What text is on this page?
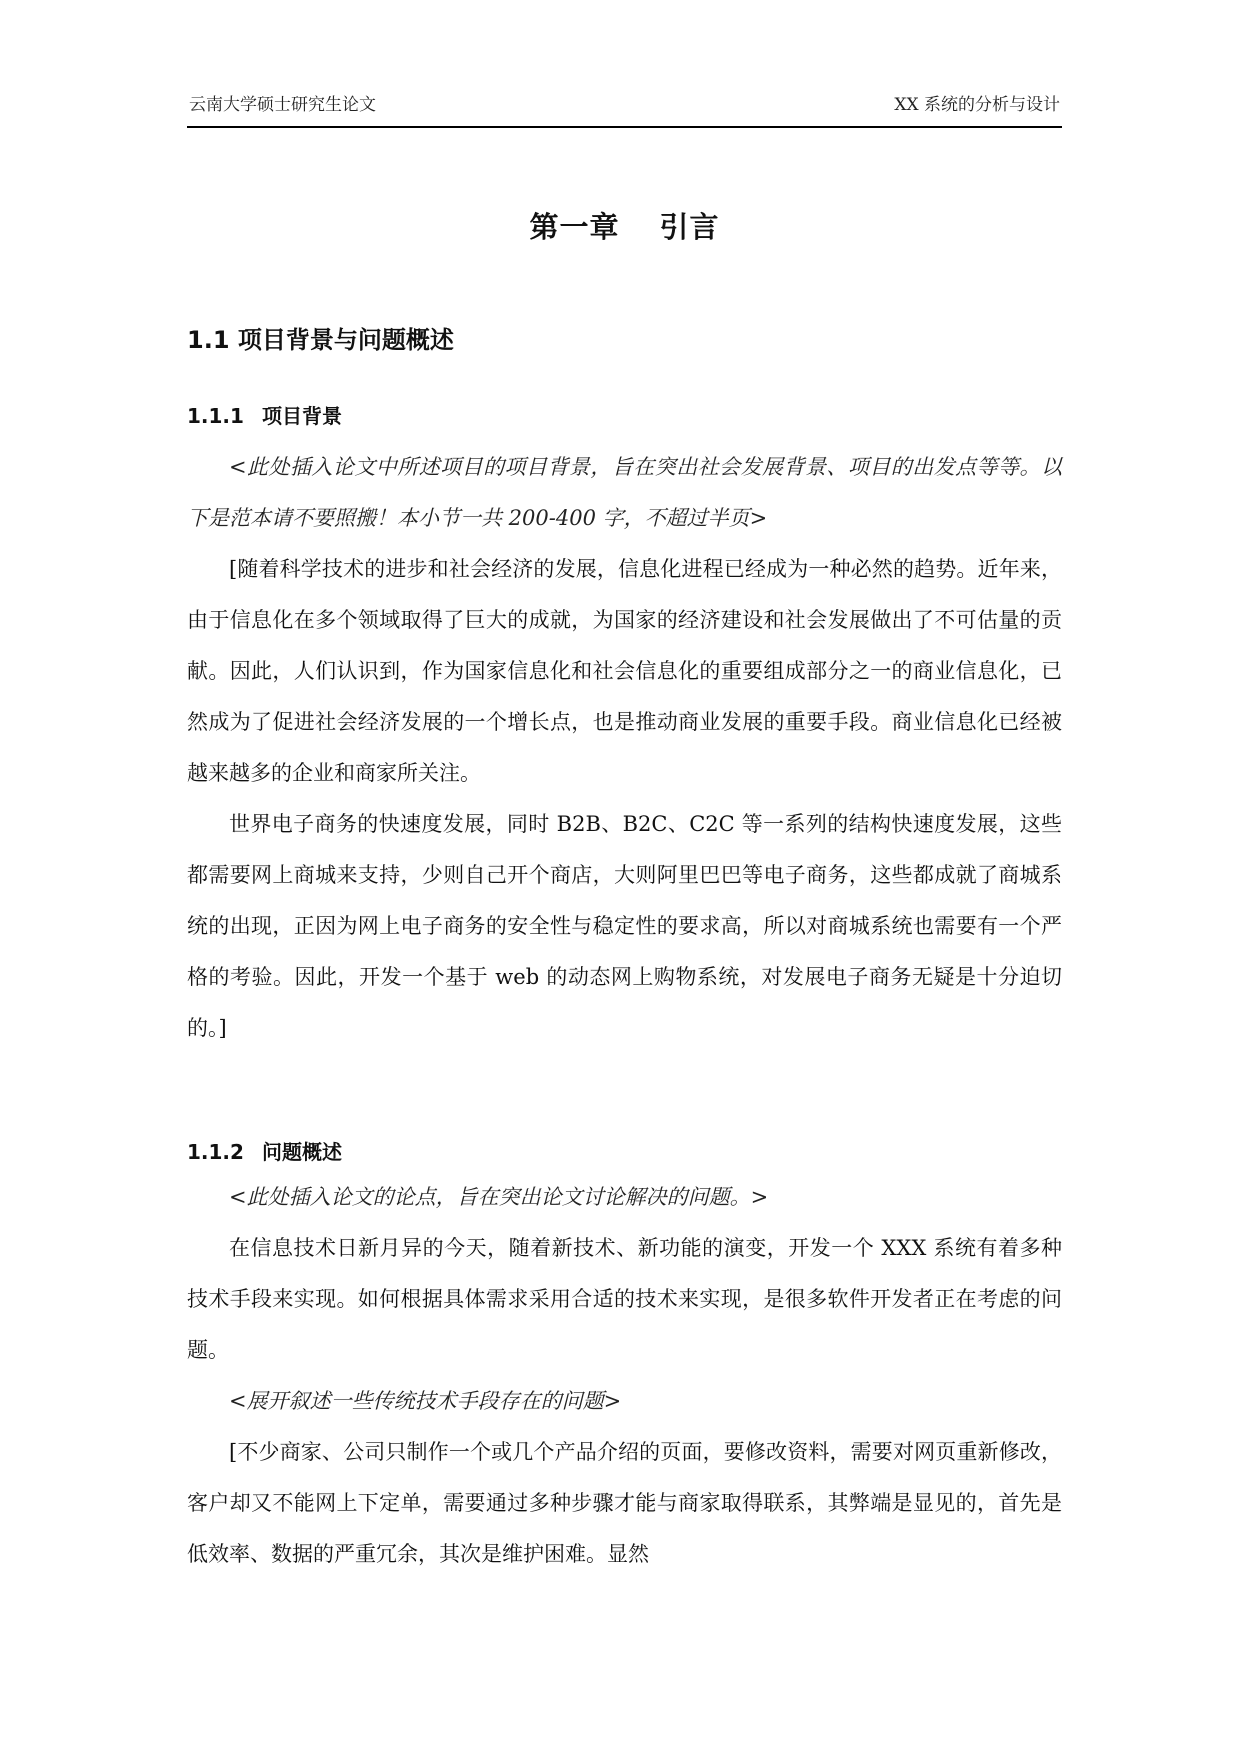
云南大学硕士研究生论文	XX 系统的分析与设计
第一章 引言
1.1 项目背景与问题概述
1.1.1 项目背景

<此处插入论文中所述项目的项目背景，旨在突出社会发展背景、项目的出发点等等。以下是范本请不要照搬！本小节一共 200-400 字，不超过半页>

[随着科学技术的进步和社会经济的发展，信息化进程已经成为一种必然的趋势。近年来，由于信息化在多个领域取得了巨大的成就，为国家的经济建设和社会发展做出了不可估量的贡献。因此，人们认识到，作为国家信息化和社会信息化的重要组成部分之一的商业信息化，已然成为了促进社会经济发展的一个增长点，也是推动商业发展的重要手段。商业信息化已经被越来越多的企业和商家所关注。

世界电子商务的快速度发展，同时 B2B、B2C、C2C 等一系列的结构快速度发展，这些都需要网上商城来支持，少则自己开个商店，大则阿里巴巴等电子商务，这些都成就了商城系统的出现，正因为网上电子商务的安全性与稳定性的要求高，所以对商城系统也需要有一个严格的考验。因此，开发一个基于 web 的动态网上购物系统，对发展电子商务无疑是十分迫切的。]

1.1.2 问题概述

<此处插入论文的论点，旨在突出论文讨论解决的问题。>

在信息技术日新月异的今天，随着新技术、新功能的演变，开发一个 XXX 系统有着多种技术手段来实现。如何根据具体需求采用合适的技术来实现，是很多软件开发者正在考虑的问题。

<展开叙述一些传统技术手段存在的问题>

[不少商家、公司只制作一个或几个产品介绍的页面，要修改资料，需要对网页重新修改，客户却又不能网上下定单，需要通过多种步骤才能与商家取得联系，其弊端是显见的，首先是低效率、数据的严重冗余，其次是维护困难。显然
